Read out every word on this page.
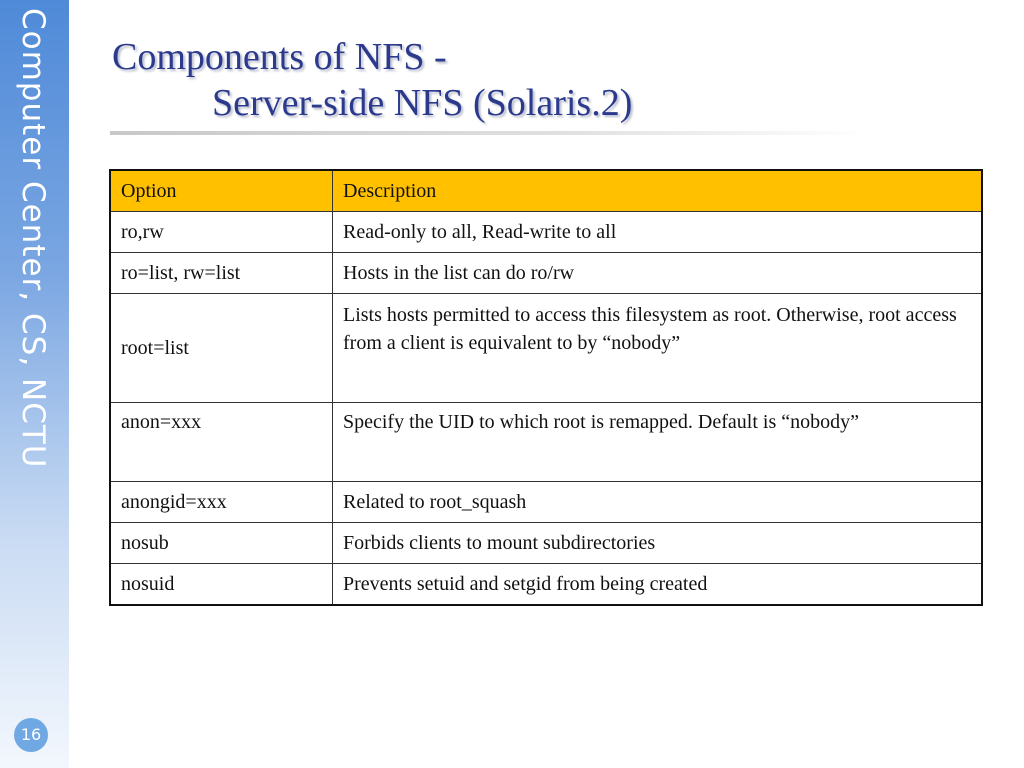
Computer Center, CS, NCTU
16
Components of NFS -
Server-side NFS (Solaris.2)
Option	Description
ro,rw	Read-only to all, Read-write to all
ro=list, rw=list	Hosts in the list can do ro/rw
root=list	Lists hosts permitted to access this filesystem as root. Otherwise, root access from a client is equivalent to by “nobody”
anon=xxx	Specify the UID to which root is remapped. Default is “nobody”
anongid=xxx	Related to root_squash
nosub	Forbids clients to mount subdirectories
nosuid	Prevents setuid and setgid from being created
